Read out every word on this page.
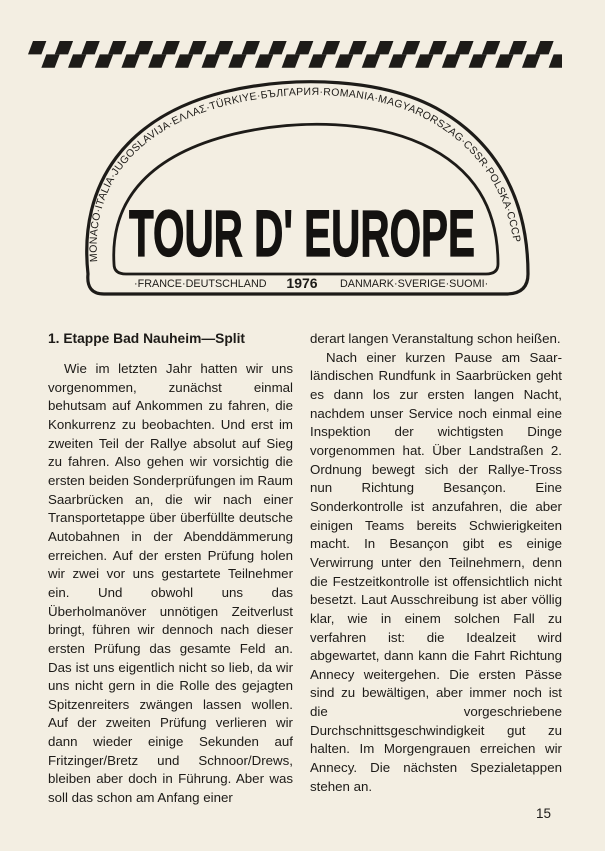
MONACO·ITALIA·JUGOSLAVIJA·ΕΛΛΑΣ·TÜRKIYE·БЪЛГАРИЯ·ROMANIA·MAGYARORSZAG·CSSR·POLSKA·CCCP
TOUR D' EUROPE
·FRANCE·DEUTSCHLAND 1976 DANMARK·SVERIGE·SUOMI·
1. Etappe Bad Nauheim—Split

Wie im letzten Jahr hatten wir uns vorgenommen, zunächst einmal behutsam auf Ankommen zu fahren, die Konkurrenz zu beobachten. Und erst im zweiten Teil der Rallye absolut auf Sieg zu fahren. Also gehen wir vorsichtig die ersten beiden Sonderprüfungen im Raum Saarbrücken an, die wir nach einer Transportetappe über überfüllte deutsche Autobahnen in der Abenddämmerung erreichen. Auf der ersten Prüfung holen wir zwei vor uns gestartete Teilnehmer ein. Und obwohl uns das Überholmanöver unnötigen Zeitverlust bringt, führen wir dennoch nach dieser ersten Prüfung das gesamte Feld an. Das ist uns eigentlich nicht so lieb, da wir uns nicht gern in die Rolle des gejagten Spitzenreiters zwängen lassen wollen. Auf der zweiten Prüfung verlieren wir dann wieder einige Sekunden auf Fritzinger/Bretz und Schnoor/Drews, bleiben aber doch in Führung. Aber was soll das schon am Anfang einer

derart langen Veranstaltung schon heißen.

Nach einer kurzen Pause am Saarländischen Rundfunk in Saarbrücken geht es dann los zur ersten langen Nacht, nachdem unser Service noch einmal eine Inspektion der wichtigsten Dinge vorgenommen hat. Über Landstraßen 2. Ordnung bewegt sich der Rallye-Tross nun Richtung Besançon. Eine Sonderkontrolle ist anzufahren, die aber einigen Teams bereits Schwierigkeiten macht. In Besançon gibt es einige Verwirrung unter den Teilnehmern, denn die Festzeitkontrolle ist offensichtlich nicht besetzt. Laut Ausschreibung ist aber völlig klar, wie in einem solchen Fall zu verfahren ist: die Idealzeit wird abgewartet, dann kann die Fahrt Richtung Annecy weitergehen. Die ersten Pässe sind zu bewältigen, aber immer noch ist die vorgeschriebene Durchschnittsgeschwindigkeit gut zu halten. Im Morgengrauen erreichen wir Annecy. Die nächsten Spezialetappen stehen an.

15
